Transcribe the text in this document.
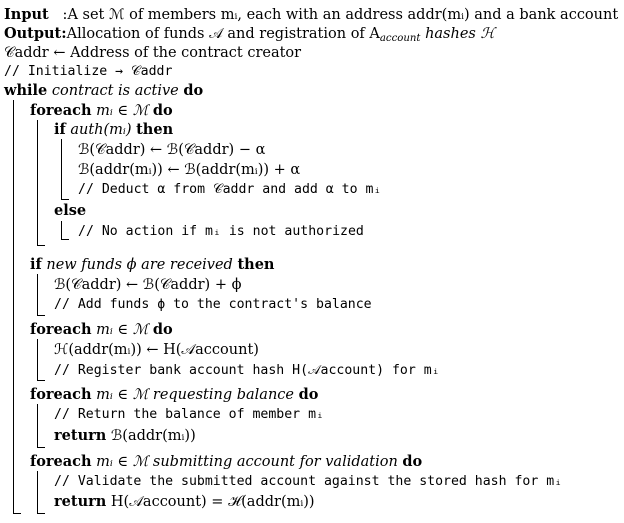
Input :A set ℳ of members mᵢ, each with an address addr(mᵢ) and a bank account
Output:Allocation of funds 𝒜 and registration of $A_{account}$ hashes ℋ
𝒞addr ← Address of the contract creator
// Initialize → 𝒞addr
while contract is active do
foreach mᵢ ∈ ℳ do
if auth(mᵢ) then
ℬ(𝒞addr) ← ℬ(𝒞addr) − α
ℬ(addr(mᵢ)) ← ℬ(addr(mᵢ)) + α
// Deduct α from 𝒞addr and add α to mᵢ
else
// No action if mᵢ is not authorized
if new funds ϕ are received then
ℬ(𝒞addr) ← ℬ(𝒞addr) + ϕ
// Add funds ϕ to the contract's balance
foreach mᵢ ∈ ℳ do
ℋ(addr(mᵢ)) ← H(𝒜account)
// Register bank account hash H(𝒜account) for mᵢ
foreach mᵢ ∈ ℳ requesting balance do
// Return the balance of member mᵢ
return ℬ(addr(mᵢ))
foreach mᵢ ∈ ℳ submitting account for validation do
// Validate the submitted account against the stored hash for mᵢ
return H(𝒜account) = ℋ(addr(mᵢ))
